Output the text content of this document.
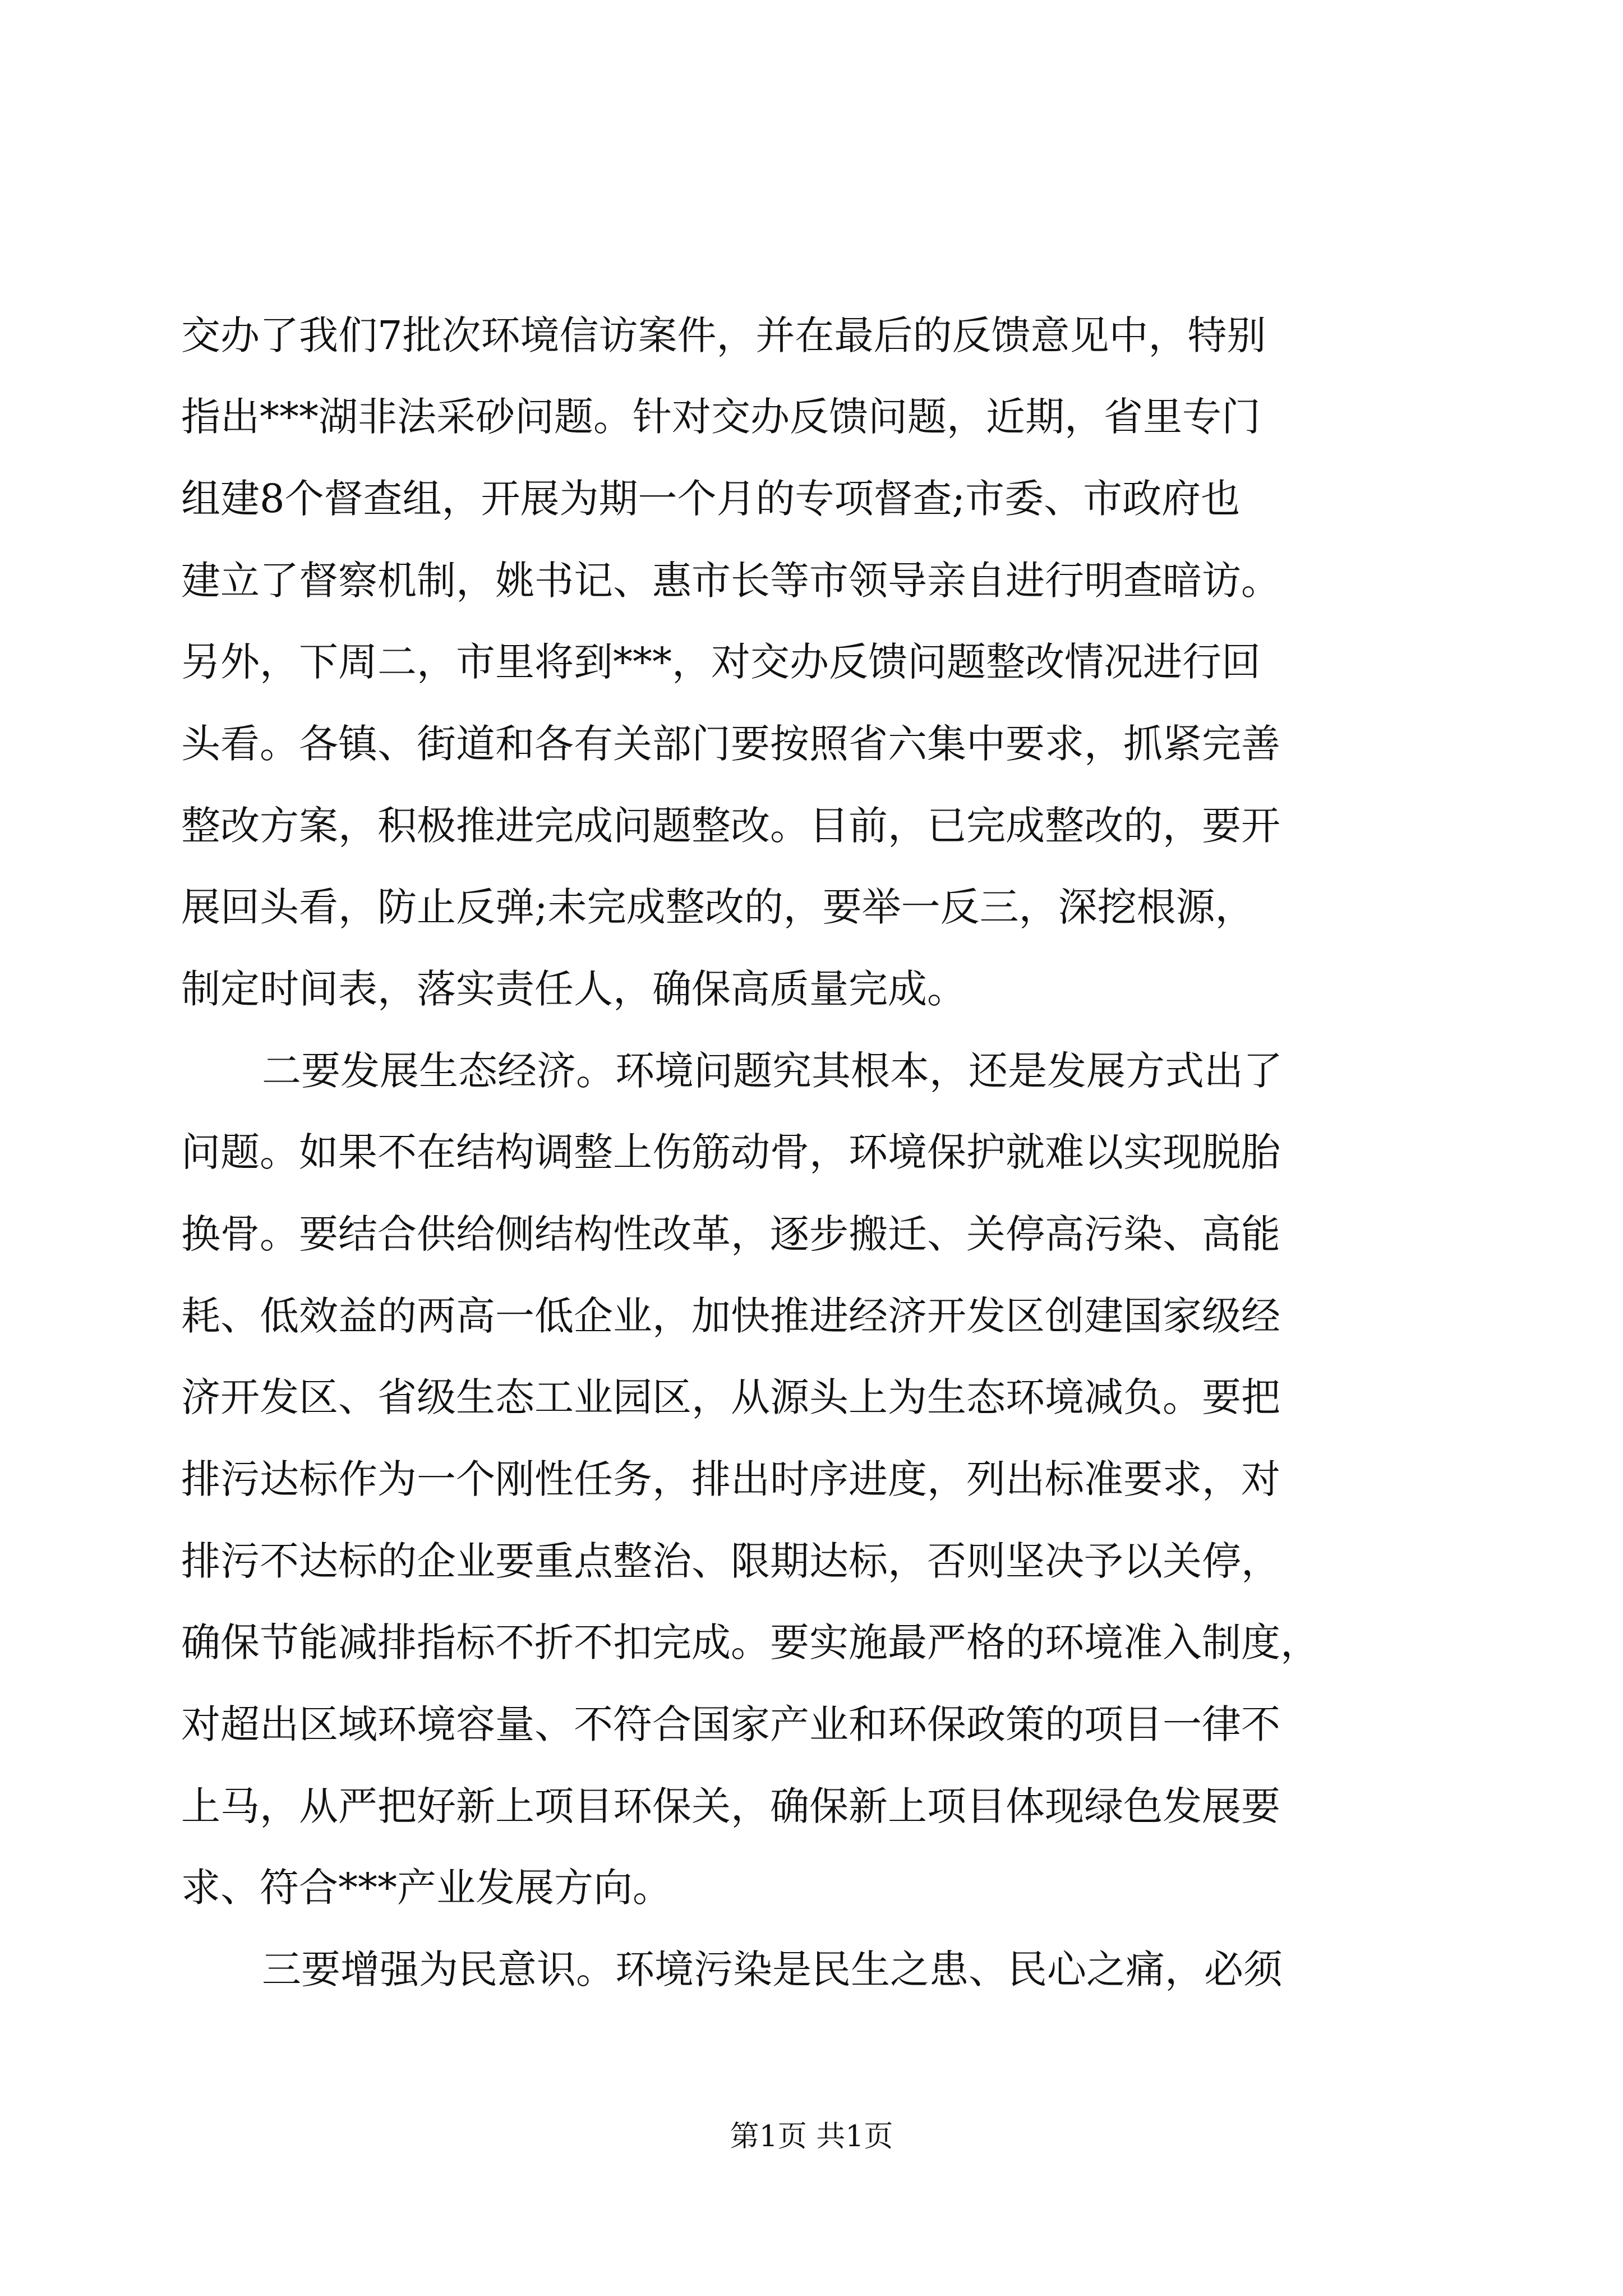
交办了我们7批次环境信访案件，并在最后的反馈意见中，特别
指出***湖非法采砂问题。针对交办反馈问题，近期，省里专门
组建8个督查组，开展为期一个月的专项督查;市委、市政府也
建立了督察机制，姚书记、惠市长等市领导亲自进行明查暗访。
另外，下周二，市里将到***，对交办反馈问题整改情况进行回
头看。各镇、街道和各有关部门要按照省六集中要求，抓紧完善
整改方案，积极推进完成问题整改。目前，已完成整改的，要开
展回头看，防止反弹;未完成整改的，要举一反三，深挖根源，
制定时间表，落实责任人，确保高质量完成。
二要发展生态经济。环境问题究其根本，还是发展方式出了
问题。如果不在结构调整上伤筋动骨，环境保护就难以实现脱胎
换骨。要结合供给侧结构性改革，逐步搬迁、关停高污染、高能
耗、低效益的两高一低企业，加快推进经济开发区创建国家级经
济开发区、省级生态工业园区，从源头上为生态环境减负。要把
排污达标作为一个刚性任务，排出时序进度，列出标准要求，对
排污不达标的企业要重点整治、限期达标，否则坚决予以关停，
确保节能减排指标不折不扣完成。要实施最严格的环境准入制度，
对超出区域环境容量、不符合国家产业和环保政策的项目一律不
上马，从严把好新上项目环保关，确保新上项目体现绿色发展要
求、符合***产业发展方向。
三要增强为民意识。环境污染是民生之患、民心之痛，必须
第1页 共1页
